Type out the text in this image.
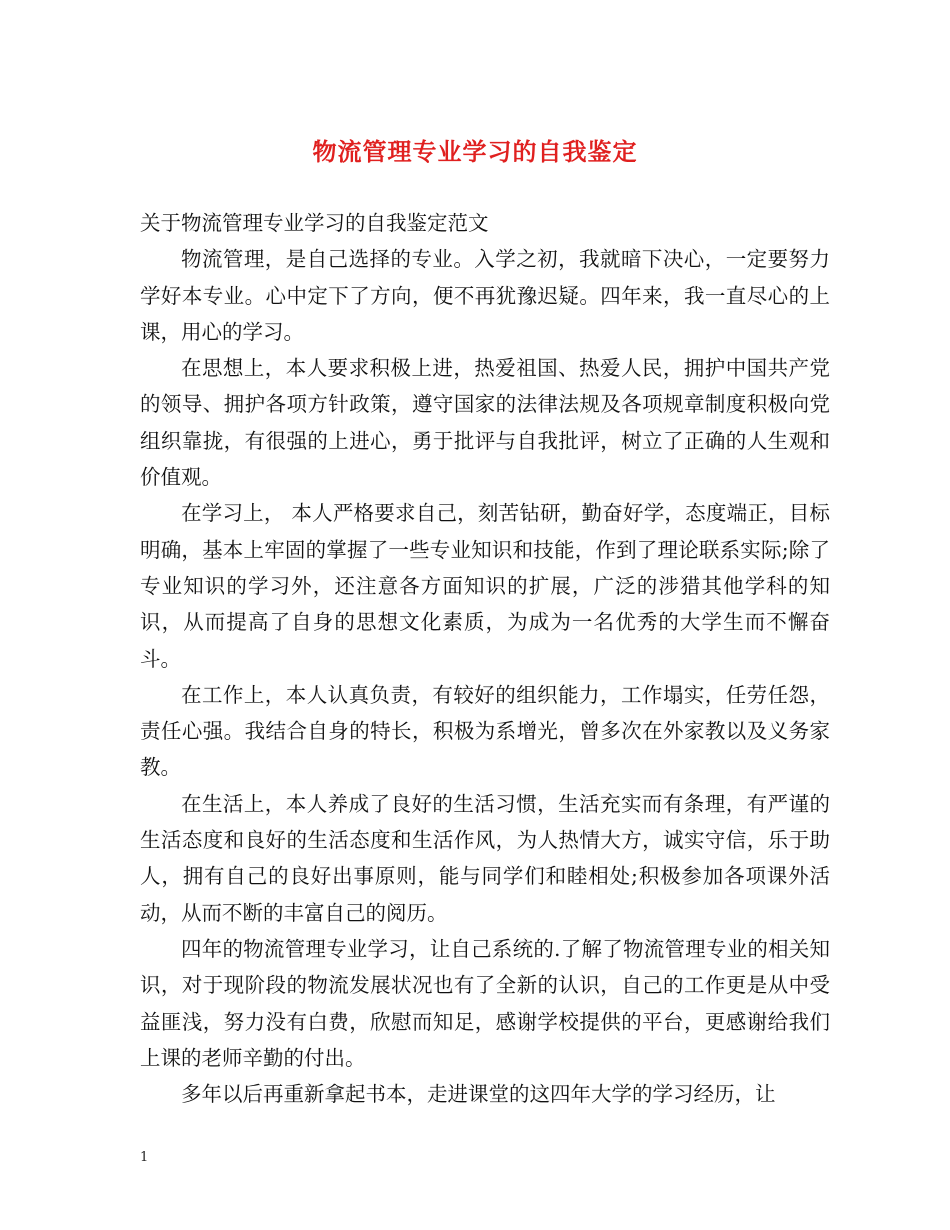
物流管理专业学习的自我鉴定

关于物流管理专业学习的自我鉴定范文

物流管理，是自己选择的专业。入学之初，我就暗下决心，一定要努力学好本专业。心中定下了方向，便不再犹豫迟疑。四年来，我一直尽心的上课，用心的学习。

在思想上，本人要求积极上进，热爱祖国、热爱人民，拥护中国共产党的领导、拥护各项方针政策，遵守国家的法律法规及各项规章制度积极向党组织靠拢，有很强的上进心，勇于批评与自我批评，树立了正确的人生观和价值观。

在学习上， 本人严格要求自己，刻苦钻研，勤奋好学，态度端正，目标明确，基本上牢固的掌握了一些专业知识和技能，作到了理论联系实际;除了专业知识的学习外，还注意各方面知识的扩展，广泛的涉猎其他学科的知识，从而提高了自身的思想文化素质，为成为一名优秀的大学生而不懈奋斗。

在工作上，本人认真负责，有较好的组织能力，工作塌实，任劳任怨，责任心强。我结合自身的特长，积极为系增光，曾多次在外家教以及义务家教。

在生活上，本人养成了良好的生活习惯，生活充实而有条理，有严谨的生活态度和良好的生活态度和生活作风，为人热情大方，诚实守信，乐于助人，拥有自己的良好出事原则，能与同学们和睦相处;积极参加各项课外活动，从而不断的丰富自己的阅历。

四年的物流管理专业学习，让自己系统的.了解了物流管理专业的相关知识，对于现阶段的物流发展状况也有了全新的认识，自己的工作更是从中受益匪浅，努力没有白费，欣慰而知足，感谢学校提供的平台，更感谢给我们上课的老师辛勤的付出。

多年以后再重新拿起书本，走进课堂的这四年大学的学习经历，让

1
